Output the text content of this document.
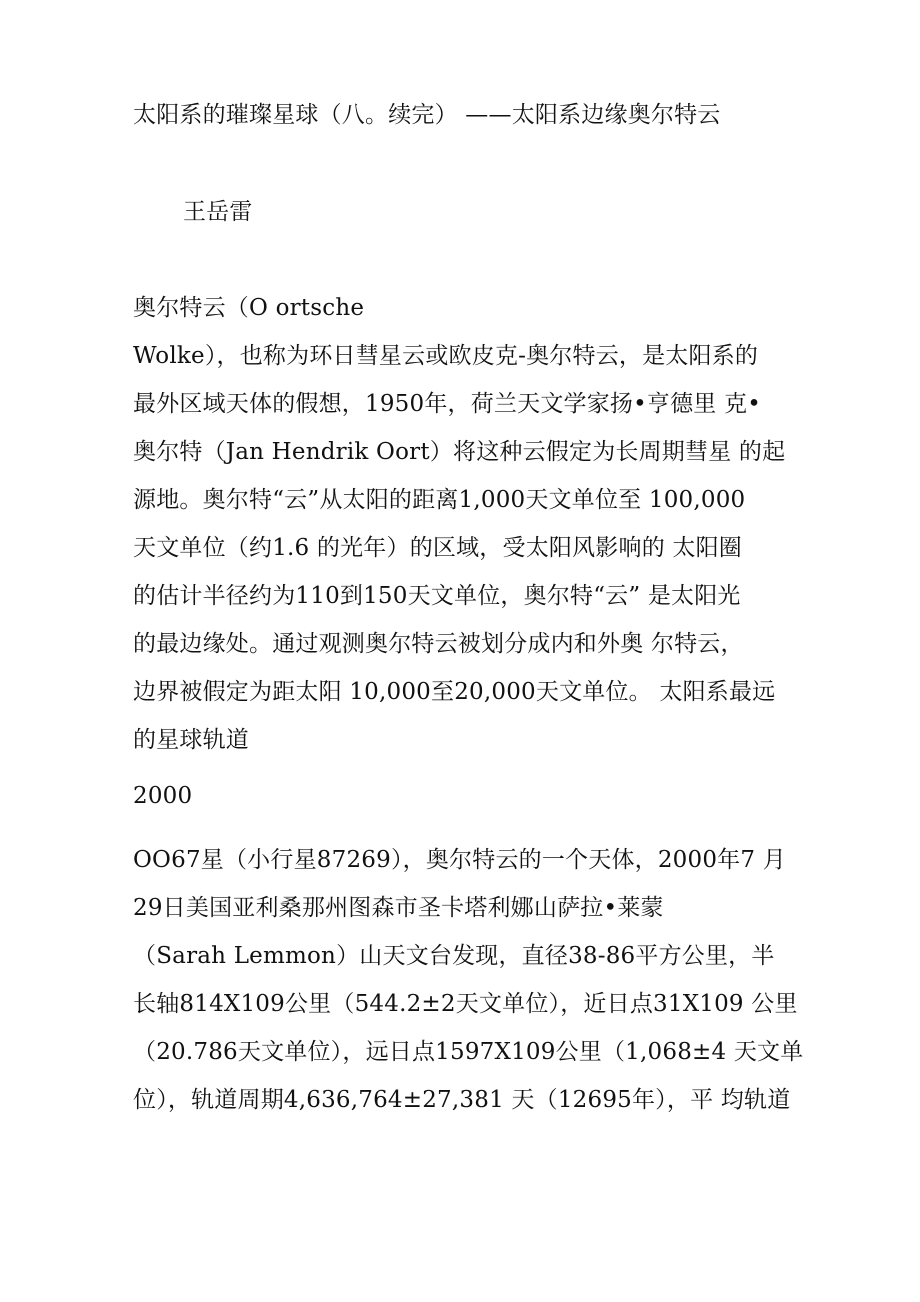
太阳系的璀璨星球（八。续完） ——太阳系边缘奥尔特云
王岳雷
奥尔特云（O ortsche
Wolke），也称为环日彗星云或欧皮克-奥尔特云，是太阳系的
最外区域天体的假想，1950年，荷兰天文学家扬•亨德里 克•
奥尔特（Jan Hendrik Oort）将这种云假定为长周期彗星 的起
源地。奥尔特“云”从太阳的距离1,000天文单位至 100,000
天文单位（约1.6 的光年）的区域，受太阳风影响的 太阳圈
的估计半径约为110到150天文单位，奥尔特“云” 是太阳光
的最边缘处。通过观测奥尔特云被划分成内和外奥 尔特云，
边界被假定为距太阳 10,000至20,000天文单位。 太阳系最远
的星球轨道
2000
OO67星（小行星87269），奥尔特云的一个天体，2000年7 月
29日美国亚利桑那州图森市圣卡塔利娜山萨拉•莱蒙
（Sarah Lemmon）山天文台发现，直径38-86平方公里，半
长轴814X109公里（544.2±2天文单位），近日点31X109 公里
（20.786天文单位），远日点1597X109公里（1,068±4 天文单
位），轨道周期4,636,764±27,381 天（12695年），平 均轨道
